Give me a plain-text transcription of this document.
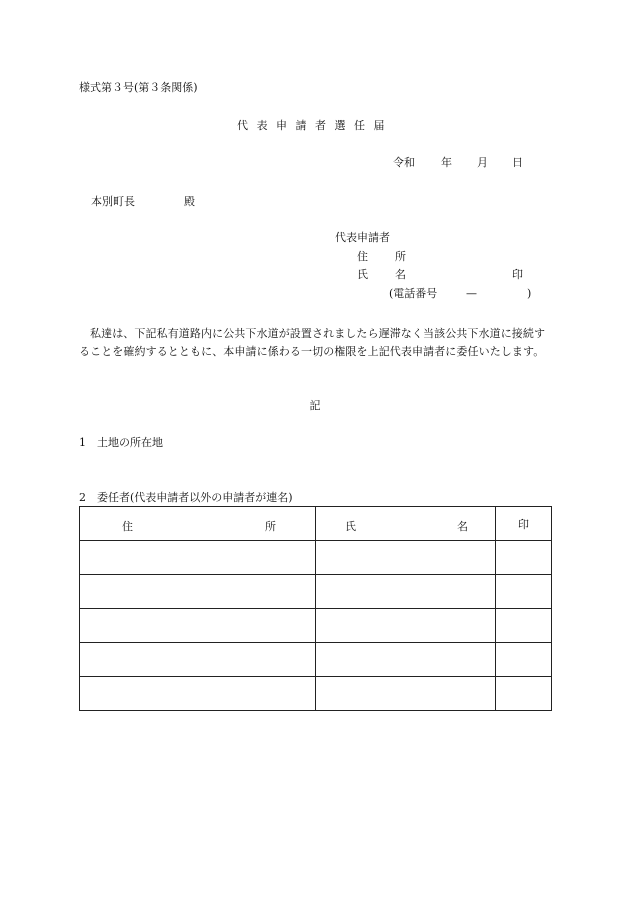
様式第３号(第３条関係)
代表申請者選任届
令和 年 月 日
本別町長	殿
代表申請者
住 所
氏 名	印
(電話番号	—	)
私達は、下記私有道路内に公共下水道が設置されましたら遅滞なく当該公共下水道に接続することを確約するとともに、本申請に係わる一切の権限を上記代表申請者に委任いたします。
記
1　土地の所在地
2　委任者(代表申請者以外の申請者が連名)
住 所	氏 名	印
